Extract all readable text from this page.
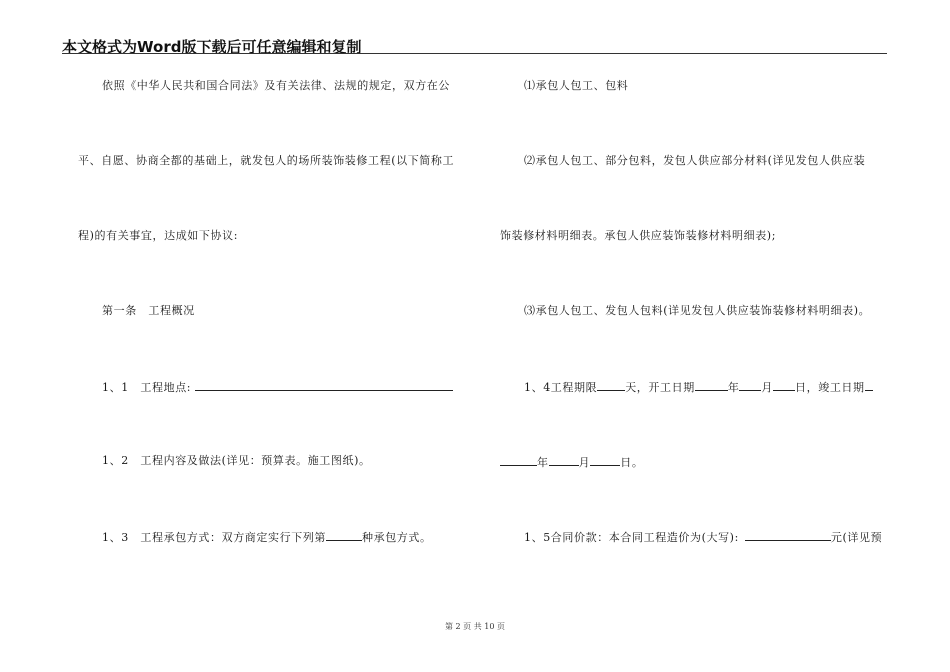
本文格式为Word版下载后可任意编辑和复制
依照《中华人民共和国合同法》及有关法律、法规的规定，双方在公
平、自愿、协商全都的基础上，就发包人的场所装饰装修工程(以下简称工
程)的有关事宜，达成如下协议:
第一条　工程概况
1、1　工程地点:
1、2　工程内容及做法(详见：预算表。施工图纸)。
1、3　工程承包方式：双方商定实行下列第	种承包方式。
⑴承包人包工、包料
⑵承包人包工、部分包料，发包人供应部分材料(详见发包人供应装
饰装修材料明细表。承包人供应装饰装修材料明细表);
⑶承包人包工、发包人包料(详见发包人供应装饰装修材料明细表)。
1、4工程期限	天，开工日期	年 月 日，竣工日期
年	月	日。
1、5合同价款：本合同工程造价为(大写):	元(详见预
第 2 页 共 10 页
